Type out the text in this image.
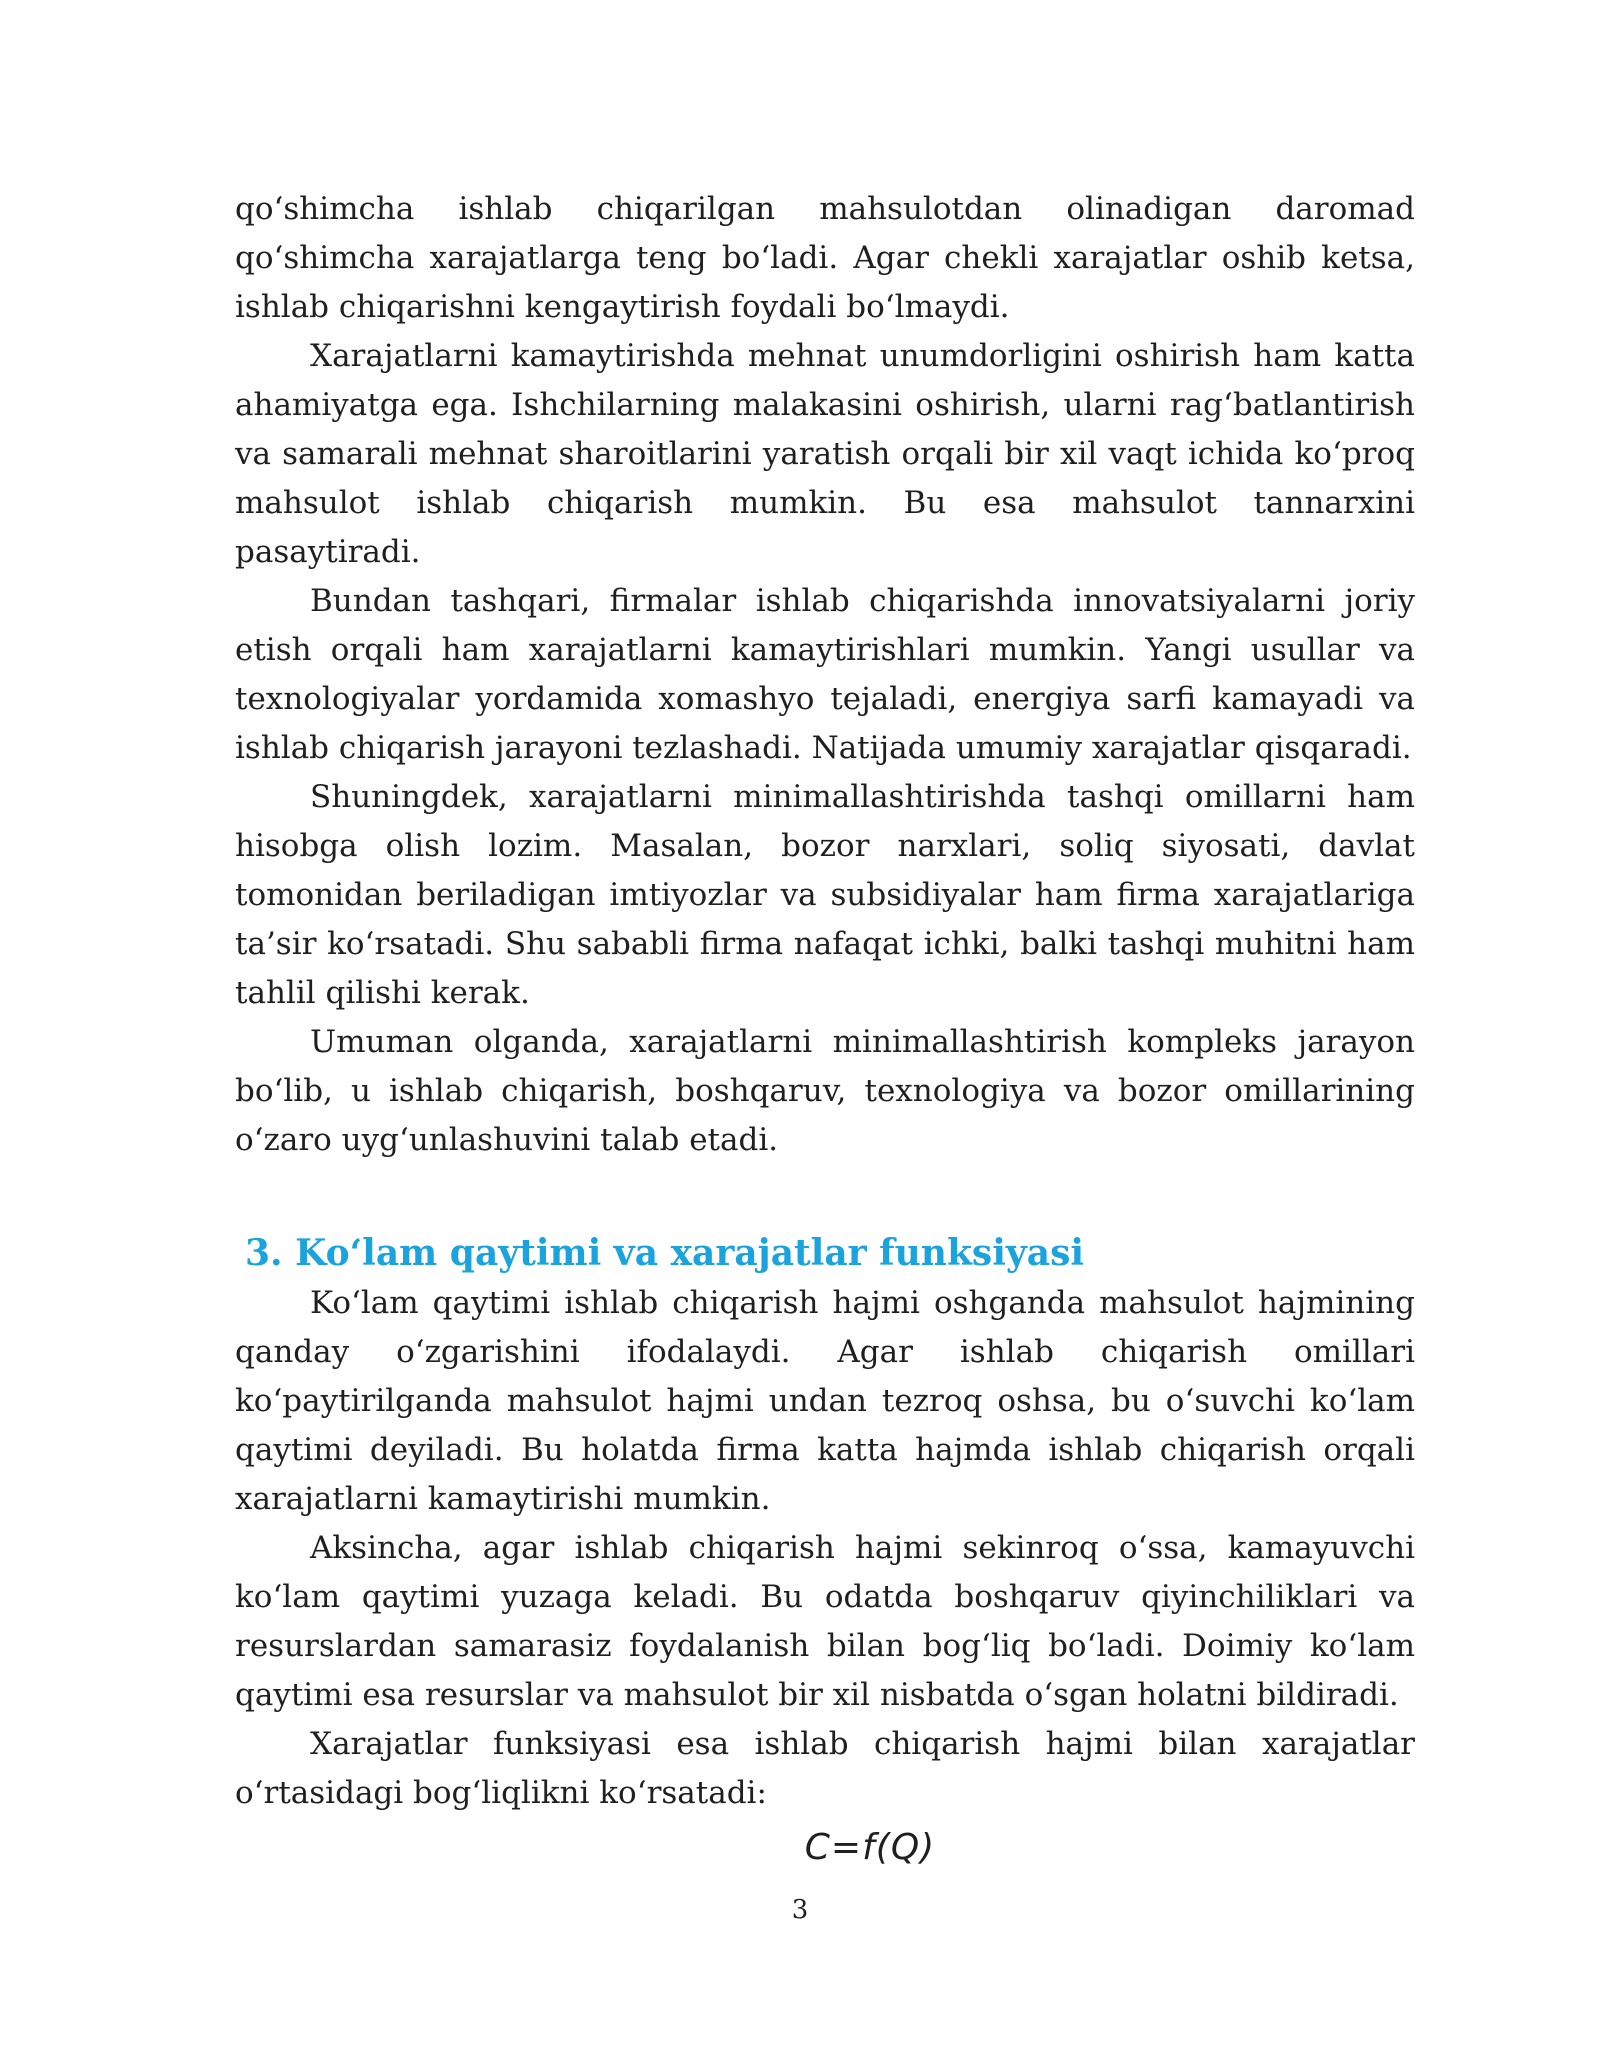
qo‘shimcha ishlab chiqarilgan mahsulotdan olinadigan daromad qo‘shimcha xarajatlarga teng bo‘ladi. Agar chekli xarajatlar oshib ketsa, ishlab chiqarishni kengaytirish foydali bo‘lmaydi.

Xarajatlarni kamaytirishda mehnat unumdorligini oshirish ham katta ahamiyatga ega. Ishchilarning malakasini oshirish, ularni rag‘batlantirish va samarali mehnat sharoitlarini yaratish orqali bir xil vaqt ichida ko‘proq mahsulot ishlab chiqarish mumkin. Bu esa mahsulot tannarxini pasaytiradi.

Bundan tashqari, firmalar ishlab chiqarishda innovatsiyalarni joriy etish orqali ham xarajatlarni kamaytirishlari mumkin. Yangi usullar va texnologiyalar yordamida xomashyo tejaladi, energiya sarfi kamayadi va ishlab chiqarish jarayoni tezlashadi. Natijada umumiy xarajatlar qisqaradi.

Shuningdek, xarajatlarni minimallashtirishda tashqi omillarni ham hisobga olish lozim. Masalan, bozor narxlari, soliq siyosati, davlat tomonidan beriladigan imtiyozlar va subsidiyalar ham firma xarajatlariga ta’sir ko‘rsatadi. Shu sababli firma nafaqat ichki, balki tashqi muhitni ham tahlil qilishi kerak.

Umuman olganda, xarajatlarni minimallashtirish kompleks jarayon bo‘lib, u ishlab chiqarish, boshqaruv, texnologiya va bozor omillarining o‘zaro uyg‘unlashuvini talab etadi.

3. Ko‘lam qaytimi va xarajatlar funksiyasi

Ko‘lam qaytimi ishlab chiqarish hajmi oshganda mahsulot hajmining qanday o‘zgarishini ifodalaydi. Agar ishlab chiqarish omillari ko‘paytirilganda mahsulot hajmi undan tezroq oshsa, bu o‘suvchi ko‘lam qaytimi deyiladi. Bu holatda firma katta hajmda ishlab chiqarish orqali xarajatlarni kamaytirishi mumkin.

Aksincha, agar ishlab chiqarish hajmi sekinroq o‘ssa, kamayuvchi ko‘lam qaytimi yuzaga keladi. Bu odatda boshqaruv qiyinchiliklari va resurslardan samarasiz foydalanish bilan bog‘liq bo‘ladi. Doimiy ko‘lam qaytimi esa resurslar va mahsulot bir xil nisbatda o‘sgan holatni bildiradi.

Xarajatlar funksiyasi esa ishlab chiqarish hajmi bilan xarajatlar o‘rtasidagi bog‘liqlikni ko‘rsatadi:

C=f(Q)

3
